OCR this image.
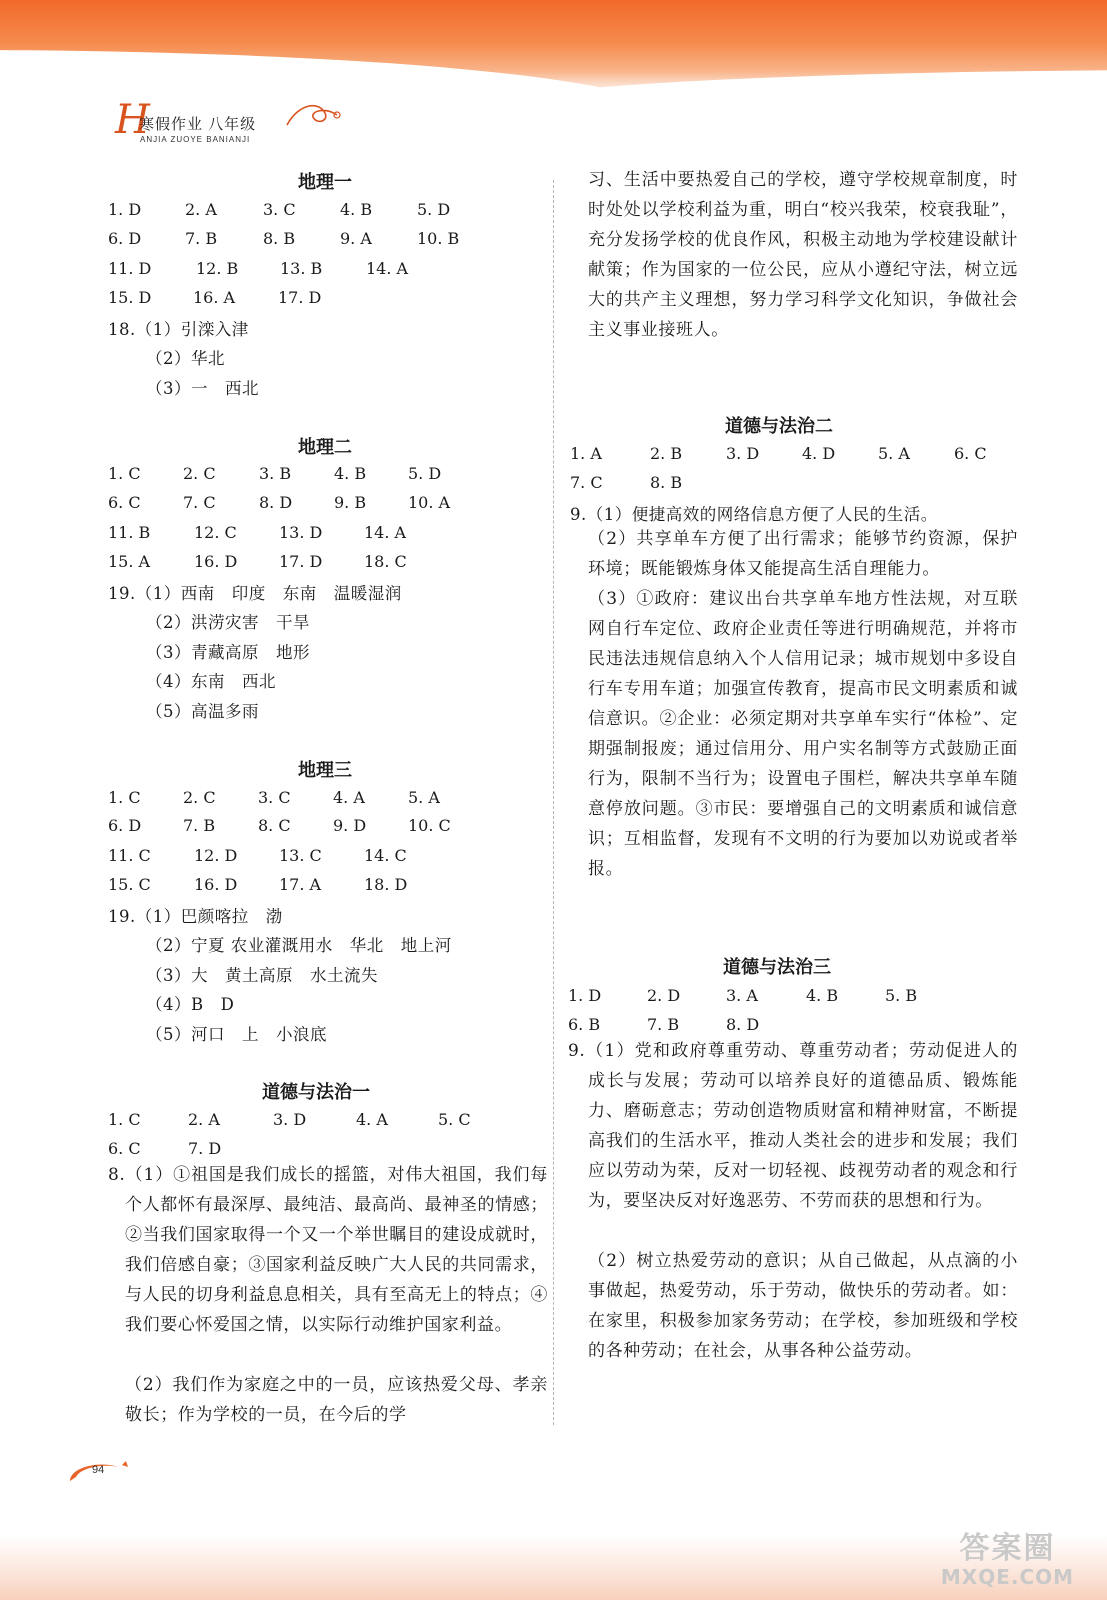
H
寒假作业 八年级
ANJIA ZUOYE BANIANJI
地理一
1. D	2. A	3. C	4. B	5. D
6. D	7. B	8. B	9. A	10. B
11. D	12. B	13. B	14. A
15. D	16. A	17. D
18.（1）引滦入津
（2）华北
（3）一　西北
地理二
1. C	2. C	3. B	4. B	5. D
6. C	7. C	8. D	9. B	10. A
11. B	12. C	13. D	14. A
15. A	16. D	17. D	18. C
19.（1）西南　印度　东南　温暖湿润
（2）洪涝灾害　干旱
（3）青藏高原　地形
（4）东南　西北
（5）高温多雨
地理三
1. C	2. C	3. C	4. A	5. A
6. D	7. B	8. C	9. D	10. C
11. C	12. D	13. C	14. C
15. C	16. D	17. A	18. D
19.（1）巴颜喀拉　渤
（2）宁夏 农业灌溉用水　华北　地上河
（3）大　黄土高原　水土流失
（4）B　D
（5）河口　上　小浪底
道德与法治一
1. C	2. A	3. D	4. A	5. C
6. C	7. D
8.（1）①祖国是我们成长的摇篮，对伟大祖国，我们每个人都怀有最深厚、最纯洁、最高尚、最神圣的情感；②当我们国家取得一个又一个举世瞩目的建设成就时，我们倍感自豪；③国家利益反映广大人民的共同需求，与人民的切身利益息息相关，具有至高无上的特点；④我们要心怀爱国之情，以实际行动维护国家利益。
（2）我们作为家庭之中的一员，应该热爱父母、孝亲敬长；作为学校的一员，在今后的学
习、生活中要热爱自己的学校，遵守学校规章制度，时时处处以学校利益为重，明白“校兴我荣，校衰我耻”，充分发扬学校的优良作风，积极主动地为学校建设献计献策；作为国家的一位公民，应从小遵纪守法，树立远大的共产主义理想，努力学习科学文化知识，争做社会主义事业接班人。
道德与法治二
1. A	2. B	3. D	4. D	5. A	6. C
7. C	8. B
9.（1）便捷高效的网络信息方便了人民的生活。
（2）共享单车方便了出行需求；能够节约资源，保护环境；既能锻炼身体又能提高生活自理能力。
（3）①政府：建议出台共享单车地方性法规，对互联网自行车定位、政府企业责任等进行明确规范，并将市民违法违规信息纳入个人信用记录；城市规划中多设自行车专用车道；加强宣传教育，提高市民文明素质和诚信意识。②企业：必须定期对共享单车实行“体检”、定期强制报废；通过信用分、用户实名制等方式鼓励正面行为，限制不当行为；设置电子围栏，解决共享单车随意停放问题。③市民：要增强自己的文明素质和诚信意识；互相监督，发现有不文明的行为要加以劝说或者举报。
道德与法治三
1. D	2. D	3. A	4. B	5. B
6. B	7. B	8. D
9.（1）党和政府尊重劳动、尊重劳动者；劳动促进人的成长与发展；劳动可以培养良好的道德品质、锻炼能力、磨砺意志；劳动创造物质财富和精神财富，不断提高我们的生活水平，推动人类社会的进步和发展；我们应以劳动为荣，反对一切轻视、歧视劳动者的观念和行为，要坚决反对好逸恶劳、不劳而获的思想和行为。
（2）树立热爱劳动的意识；从自己做起，从点滴的小事做起，热爱劳动，乐于劳动，做快乐的劳动者。如：在家里，积极参加家务劳动；在学校，参加班级和学校的各种劳动；在社会，从事各种公益劳动。
94
答案圈
MXQE.COM
